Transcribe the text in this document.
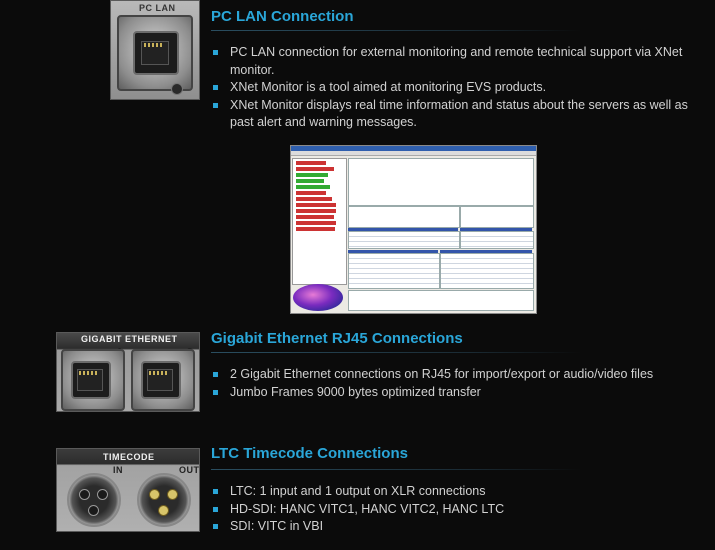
PC LAN PC LAN Connection
PC LAN connection for external monitoring and remote technical support via XNet monitor.
XNet Monitor is a tool aimed at monitoring EVS products.
XNet Monitor displays real time information and status about the servers as well as past alert and warning messages.
GIGABIT ETHERNET Gigabit Ethernet RJ45 Connections
2 Gigabit Ethernet connections on RJ45 for import/export or audio/video files
Jumbo Frames 9000 bytes optimized transfer
TIMECODE
IN	OUT
LTC Timecode Connections
LTC: 1 input and 1 output on XLR connections
HD-SDI: HANC VITC1, HANC VITC2, HANC LTC
SDI: VITC in VBI
